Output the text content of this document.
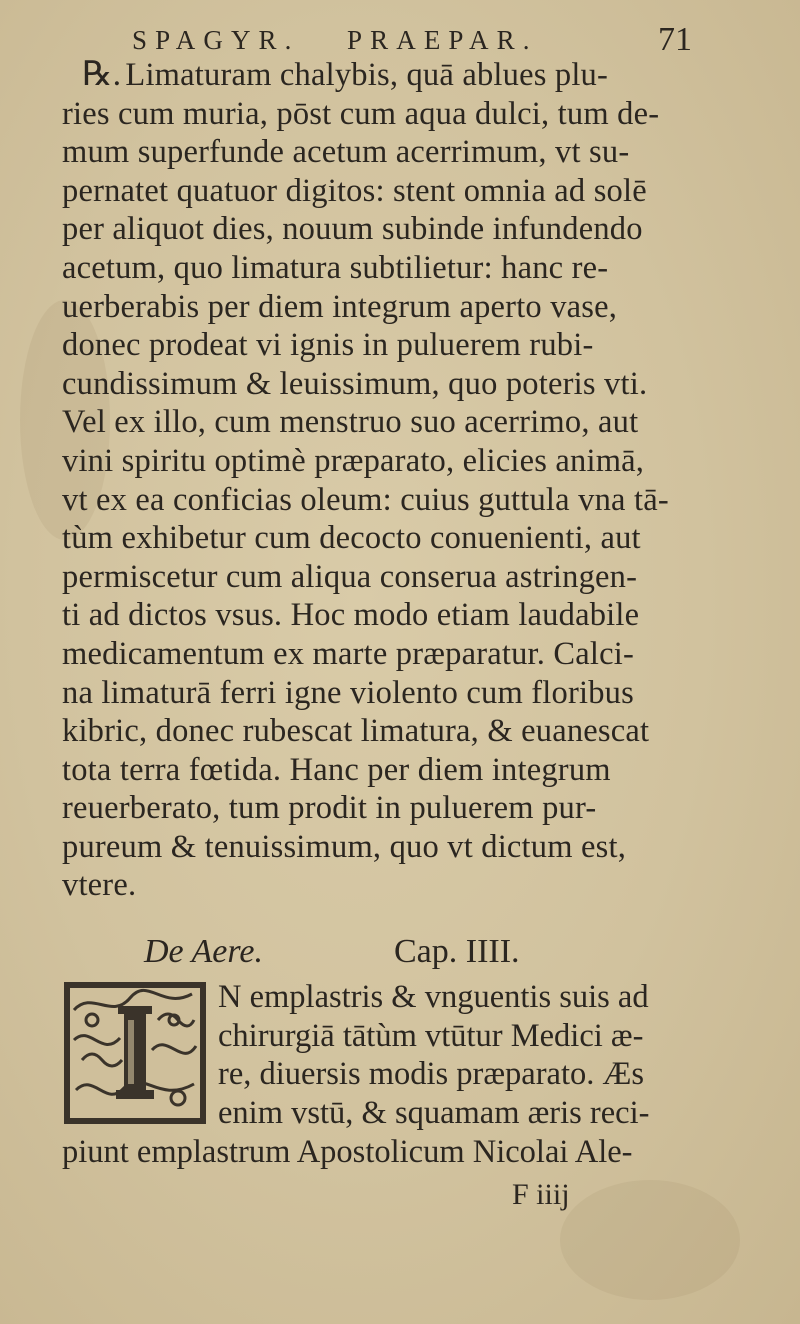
SPAGYR. PRAEPAR.	71
℞. Limaturam chalybis, quā ablues plu-
ries cum muria, pōst cum aqua dulci, tum de-
mum superfunde acetum acerrimum, vt su-
pernatet quatuor digitos: stent omnia ad solē
per aliquot dies, nouum subinde infundendo
acetum, quo limatura subtilietur: hanc re-
uerberabis per diem integrum aperto vase,
donec prodeat vi ignis in puluerem rubi-
cundissimum & leuissimum, quo poteris vti.
Vel ex illo, cum menstruo suo acerrimo, aut
vini spiritu optimè præparato, elicies animā,
vt ex ea conficias oleum: cuius guttula vna tā-
tùm exhibetur cum decocto conuenienti, aut
permiscetur cum aliqua conserua astringen-
ti ad dictos vsus. Hoc modo etiam laudabile
medicamentum ex marte præparatur. Calci-
na limaturā ferri igne violento cum floribus
kibric, donec rubescat limatura, & euanescat
tota terra fœtida. Hanc per diem integrum
reuerberato, tum prodit in puluerem pur-
pureum & tenuissimum, quo vt dictum est,
vtere.
De Aere.	Cap. IIII.
N emplastris & vnguentis suis ad
chirurgiā tātùm vtūtur Medici æ-
re, diuersis modis præparato. Æs
enim vstū, & squamam æris reci-
piunt emplastrum Apostolicum Nicolai Ale-
F iiij
